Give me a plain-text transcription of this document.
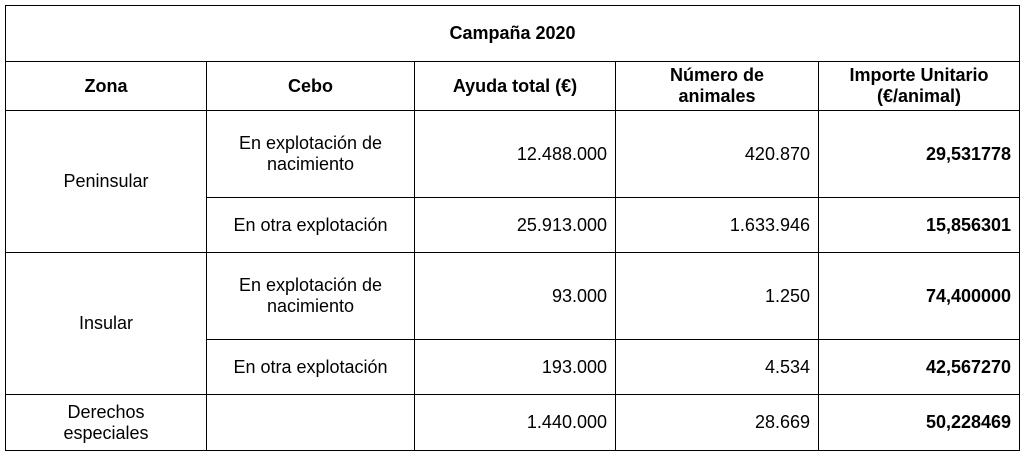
Campaña 2020				
Zona	Cebo	Ayuda total (€)	Número de animales	Importe Unitario (€/animal)
Peninsular	En explotación de nacimiento	12.488.000	420.870	29,531778
	En otra explotación	25.913.000	1.633.946	15,856301
Insular	En explotación de nacimiento	93.000	1.250	74,400000
	En otra explotación	193.000	4.534	42,567270
Derechos especiales		1.440.000	28.669	50,228469
